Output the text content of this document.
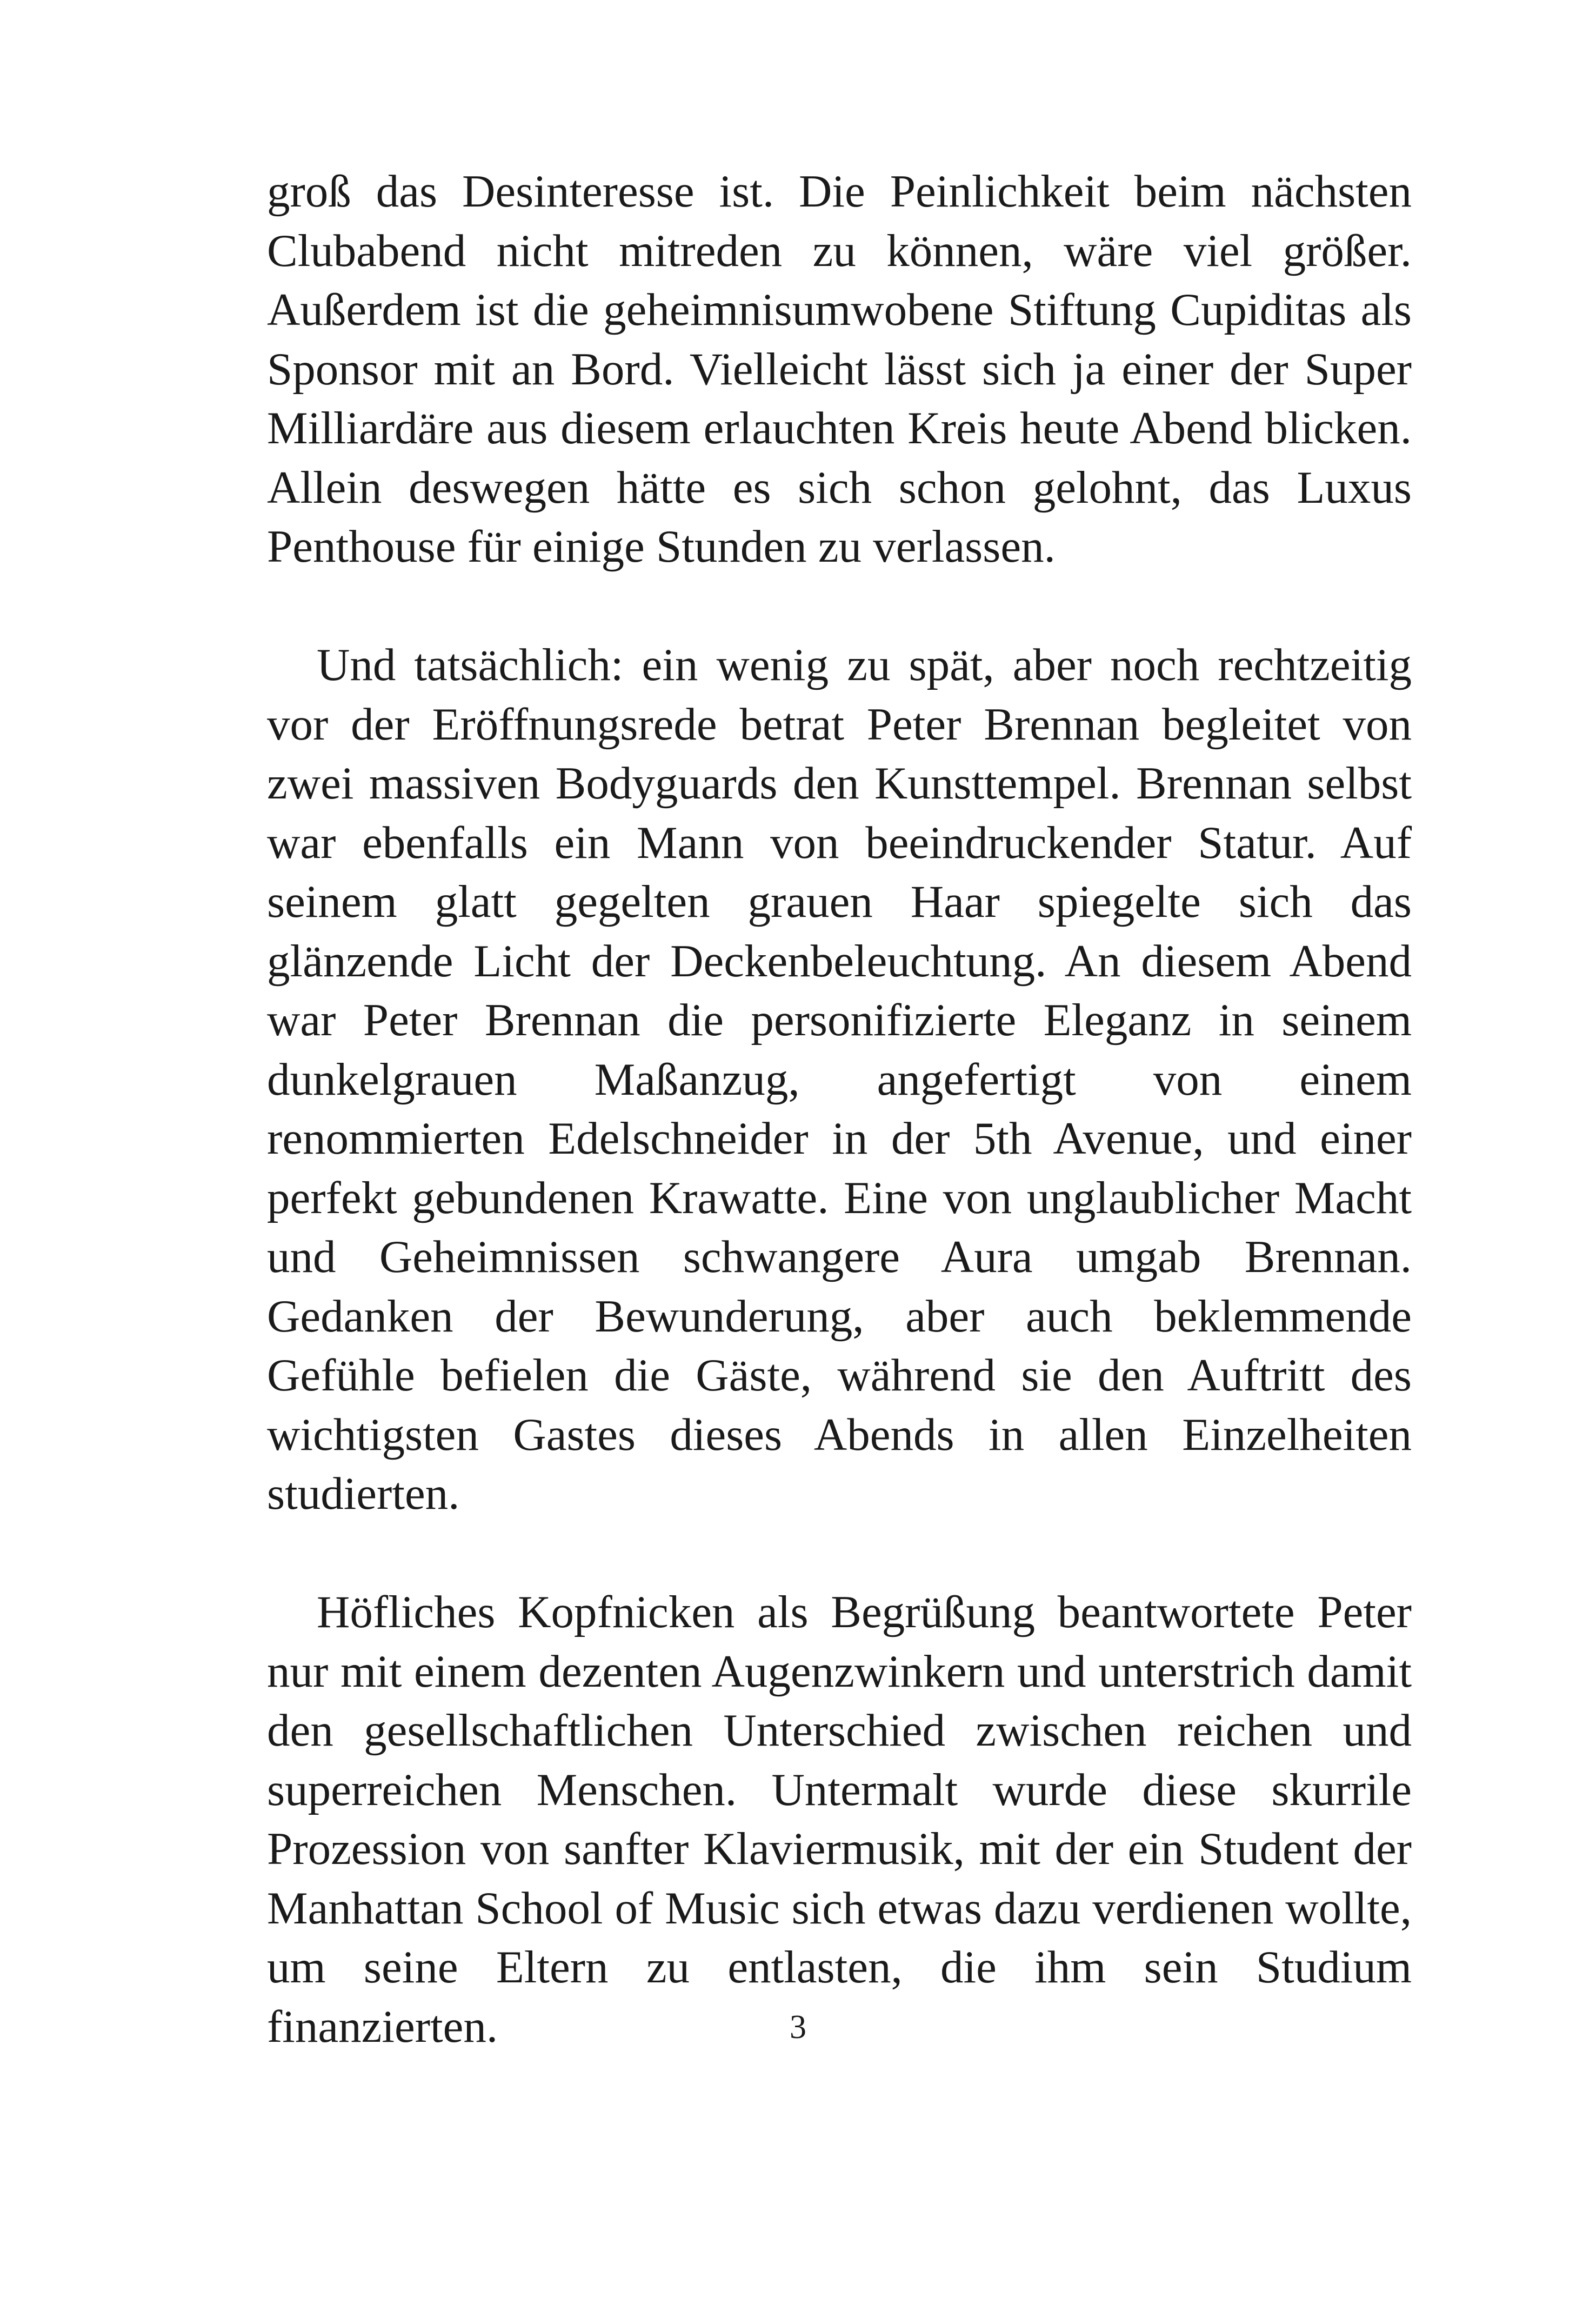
groß das Desinteresse ist. Die Peinlichkeit beim nächsten Clubabend nicht mitreden zu können, wäre viel größer. Außerdem ist die geheimnisumwobene Stiftung Cupiditas als Sponsor mit an Bord. Vielleicht lässt sich ja einer der Super Milliardäre aus diesem erlauchten Kreis heute Abend blicken. Allein deswegen hätte es sich schon gelohnt, das Luxus Penthouse für einige Stunden zu verlassen.

Und tatsächlich: ein wenig zu spät, aber noch rechtzeitig vor der Eröffnungsrede betrat Peter Brennan begleitet von zwei massiven Bodyguards den Kunsttempel. Brennan selbst war ebenfalls ein Mann von beeindruckender Statur. Auf seinem glatt gegelten grauen Haar spiegelte sich das glänzende Licht der Deckenbeleuchtung. An diesem Abend war Peter Brennan die personifizierte Eleganz in seinem dunkelgrauen Maßanzug, angefertigt von einem renommierten Edelschneider in der 5th Avenue, und einer perfekt gebundenen Krawatte. Eine von unglaublicher Macht und Geheimnissen schwangere Aura umgab Brennan. Gedanken der Bewunderung, aber auch beklemmende Gefühle befielen die Gäste, während sie den Auftritt des wichtigsten Gastes dieses Abends in allen Einzelheiten studierten.

Höfliches Kopfnicken als Begrüßung beantwortete Peter nur mit einem dezenten Augenzwinkern und unterstrich damit den gesellschaftlichen Unterschied zwischen reichen und superreichen Menschen. Untermalt wurde diese skurrile Prozession von sanfter Klaviermusik, mit der ein Student der Manhattan School of Music sich etwas dazu verdienen wollte, um seine Eltern zu entlasten, die ihm sein Studium finanzierten.	3
